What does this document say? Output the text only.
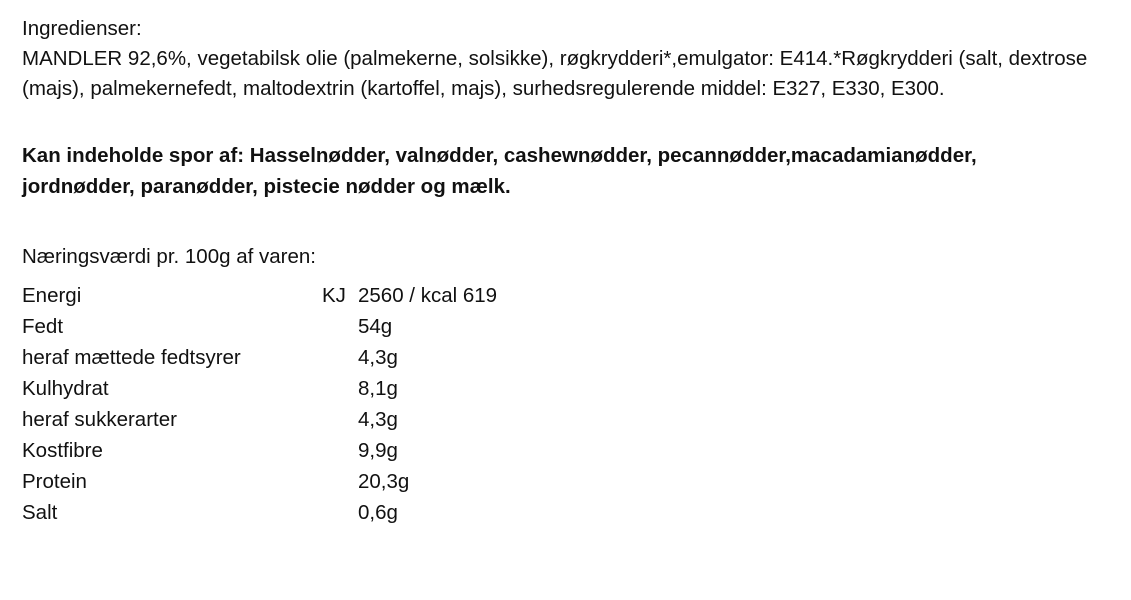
Ingredienser:

MANDLER 92,6%, vegetabilsk olie (palmekerne, solsikke), røgkrydderi*,emulgator: E414.*Røgkrydderi (salt, dextrose (majs), palmekernefedt, maltodextrin (kartoffel, majs), surhedsregulerende middel: E327, E330, E300.

Kan indeholde spor af: Hasselnødder, valnødder, cashewnødder, pecannødder,macadamianødder, jordnødder, paranødder, pistecie nødder og mælk.
Næringsværdi pr. 100g af varen:
Energi	KJ	2560 / kcal 619
Fedt		54g
heraf mættede fedtsyrer		4,3g
Kulhydrat		8,1g
heraf sukkerarter		4,3g
Kostfibre		9,9g
Protein		20,3g
Salt		0,6g
